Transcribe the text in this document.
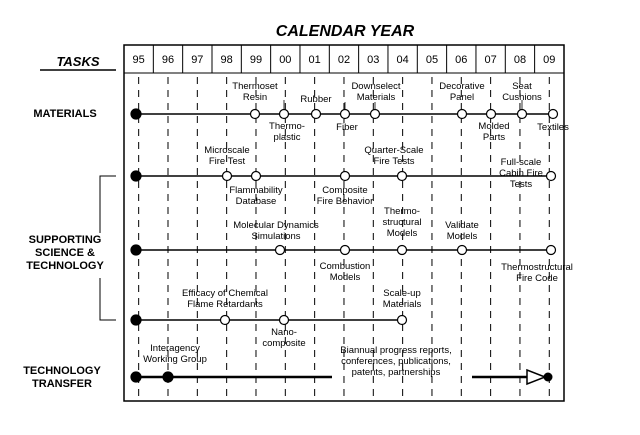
CALENDAR YEAR
TASKS	95 96 97 98 99 00 01 02 03 04 05 06 07 08 09
MATERIALS
SUPPORTING
SCIENCE &
TECHNOLOGY
TECHNOLOGY
TRANSFER
Thermoset
Resin
Thermo-
plastic
Rubber
Fiber
Downselect
Materials
Decorative
Panel
Molded
Parts
Seat
Cushions
Textiles
Microscale
Fire Test
Flammability
Database
Composite
Fire Behavior
Quarter-Scale
Fire Tests	Full-scale
Cabin Fire
Tests
Molecular Dynamics
Simulations
Combustion
Models
Thermo-
structural
Models
Validate
Models
Thermostructural
Fire Code
Efficacy of Chemical
Flame Retardants
Nano-
composite
Scale-up
Materials
Interagency
Working Group
Biannual progress reports,
conferences, publications,
patents, partnerships
